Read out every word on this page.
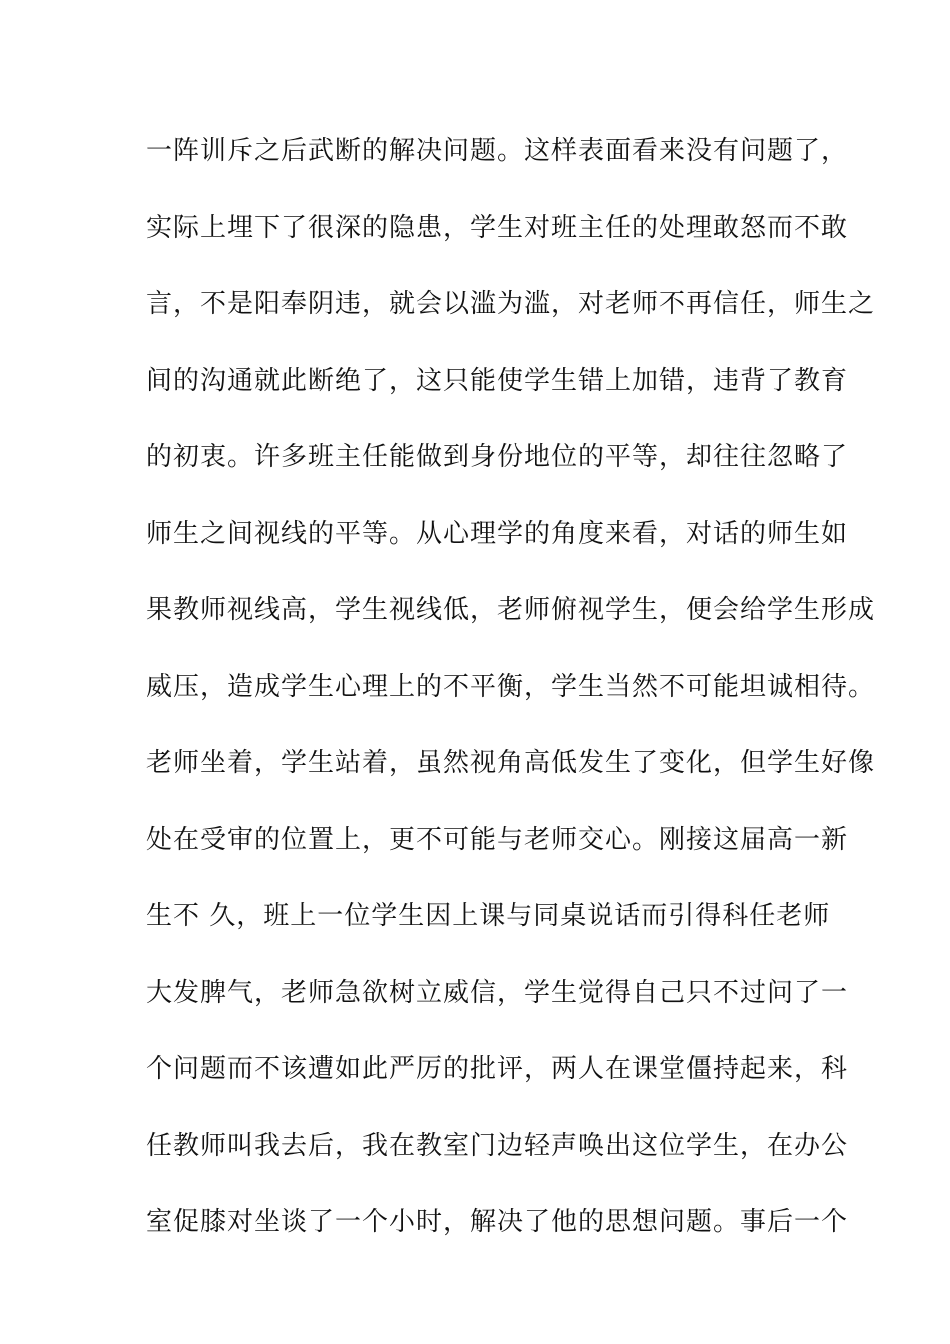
一阵训斥之后武断的解决问题。这样表面看来没有问题了，
实际上埋下了很深的隐患，学生对班主任的处理敢怒而不敢
言，不是阳奉阴违，就会以滥为滥，对老师不再信任，师生之
间的沟通就此断绝了，这只能使学生错上加错，违背了教育
的初衷。许多班主任能做到身份地位的平等，却往往忽略了
师生之间视线的平等。从心理学的角度来看，对话的师生如
果教师视线高，学生视线低，老师俯视学生，便会给学生形成
威压，造成学生心理上的不平衡，学生当然不可能坦诚相待。
老师坐着，学生站着，虽然视角高低发生了变化，但学生好像
处在受审的位置上，更不可能与老师交心。刚接这届高一新
生不 久，班上一位学生因上课与同桌说话而引得科任老师
大发脾气，老师急欲树立威信，学生觉得自己只不过问了一
个问题而不该遭如此严厉的批评，两人在课堂僵持起来，科
任教师叫我去后，我在教室门边轻声唤出这位学生，在办公
室促膝对坐谈了一个小时，解决了他的思想问题。事后一个
